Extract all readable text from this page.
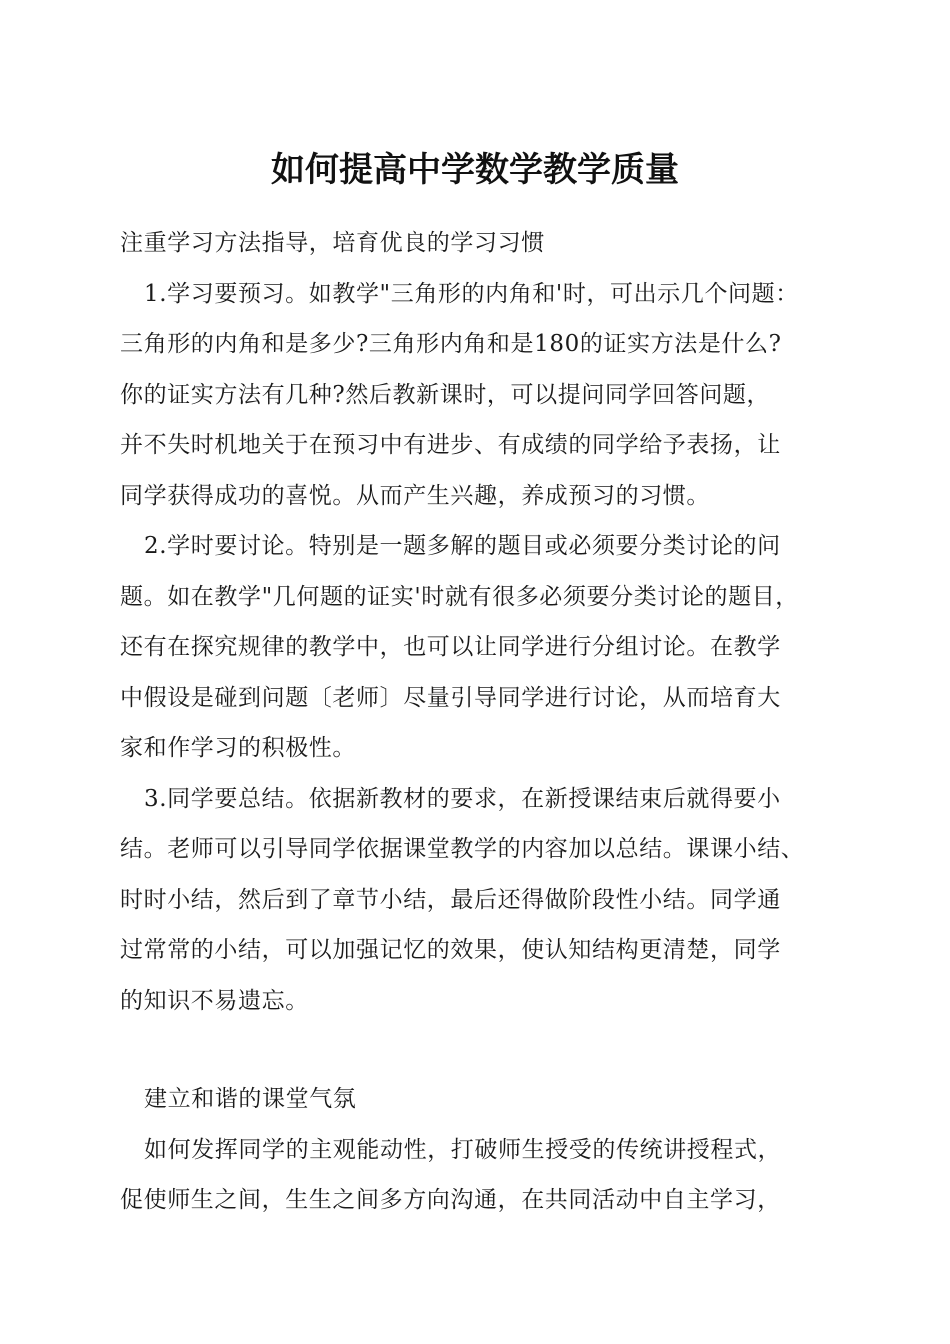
如何提高中学数学教学质量
注重学习方法指导，培育优良的学习习惯
1.学习要预习。如教学"三角形的内角和'时，可出示几个问题：
三角形的内角和是多少?三角形内角和是180的证实方法是什么?
你的证实方法有几种?然后教新课时，可以提问同学回答问题，
并不失时机地关于在预习中有进步、有成绩的同学给予表扬，让
同学获得成功的喜悦。从而产生兴趣，养成预习的习惯。
2.学时要讨论。特别是一题多解的题目或必须要分类讨论的问
题。如在教学"几何题的证实'时就有很多必须要分类讨论的题目，
还有在探究规律的教学中，也可以让同学进行分组讨论。在教学
中假设是碰到问题〔老师〕尽量引导同学进行讨论，从而培育大
家和作学习的积极性。
3.同学要总结。依据新教材的要求，在新授课结束后就得要小
结。老师可以引导同学依据课堂教学的内容加以总结。课课小结、
时时小结，然后到了章节小结，最后还得做阶段性小结。同学通
过常常的小结，可以加强记忆的效果，使认知结构更清楚，同学
的知识不易遗忘。
建立和谐的课堂气氛
如何发挥同学的主观能动性，打破师生授受的传统讲授程式，
促使师生之间，生生之间多方向沟通，在共同活动中自主学习，
